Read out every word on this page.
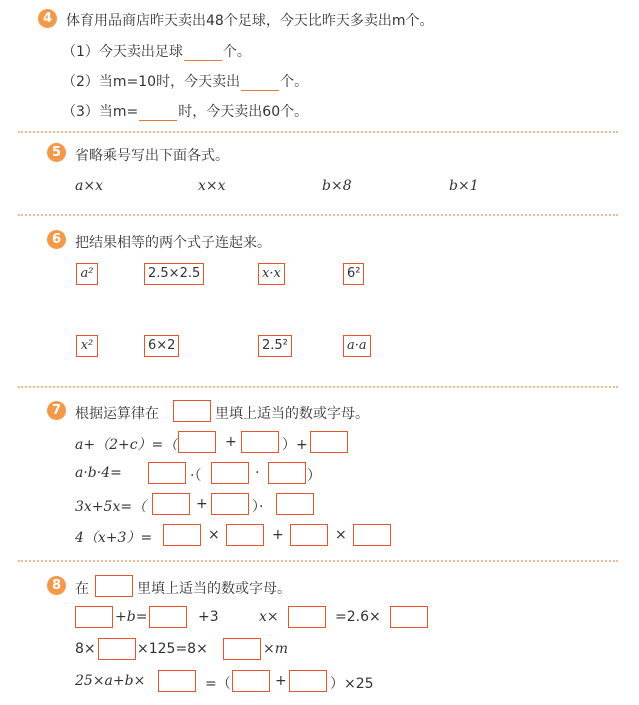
4 体育用品商店昨天卖出48个足球，今天比昨天多卖出m个。
（1）今天卖出足球	个。
（2）当m=10时，今天卖出	个。
（3）当m=	时，今天卖出60个。
5 省略乘号写出下面各式。
a×x	x×x	b×8	b×1
6 把结果相等的两个式子连起来。
a²	2.5×2.5	x·x	6²
x²	6×2	2.5²	a·a
7 根据运算律在	里填上适当的数或字母。
a+（2+c）=（	+	）+
a·b·4=	·（	·	）
3x+5x=（	+	）·
4（x+3）=	×	+	×
8 在	里填上适当的数或字母。
+b=	+3	x×	=2.6×
8×	×125=8×	×m
25×a+b×	=（	+	）×25
